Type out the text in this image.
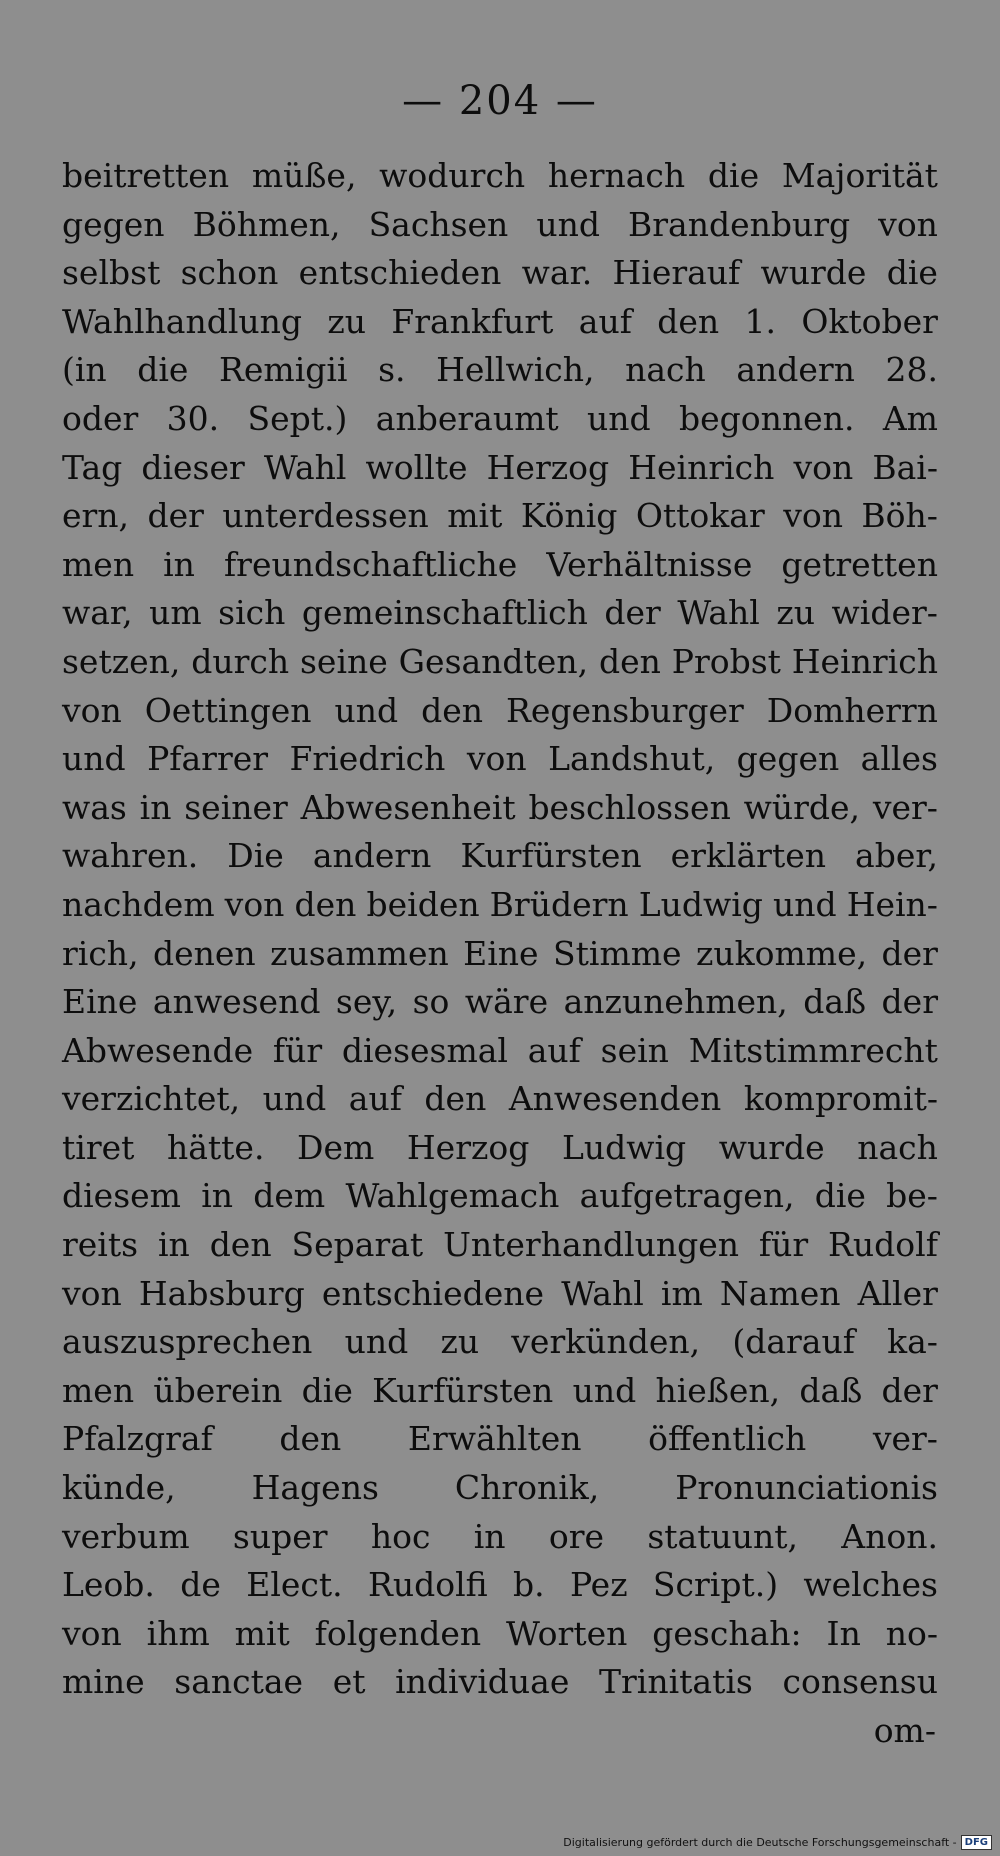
— 204 —
beitretten müße, wodurch hernach die Majorität
gegen Böhmen, Sachsen und Brandenburg von
selbst schon entschieden war. Hierauf wurde die
Wahlhandlung zu Frankfurt auf den 1. Oktober
(in die Remigii s. Hellwich, nach andern 28.
oder 30. Sept.) anberaumt und begonnen. Am
Tag dieser Wahl wollte Herzog Heinrich von Bai-
ern, der unterdessen mit König Ottokar von Böh-
men in freundschaftliche Verhältnisse getretten
war, um sich gemeinschaftlich der Wahl zu wider-
setzen, durch seine Gesandten, den Probst Heinrich
von Oettingen und den Regensburger Domherrn
und Pfarrer Friedrich von Landshut, gegen alles
was in seiner Abwesenheit beschlossen würde, ver-
wahren. Die andern Kurfürsten erklärten aber,
nachdem von den beiden Brüdern Ludwig und Hein-
rich, denen zusammen Eine Stimme zukomme, der
Eine anwesend sey, so wäre anzunehmen, daß der
Abwesende für diesesmal auf sein Mitstimmrecht
verzichtet, und auf den Anwesenden kompromit-
tiret hätte. Dem Herzog Ludwig wurde nach
diesem in dem Wahlgemach aufgetragen, die be-
reits in den Separat Unterhandlungen für Rudolf
von Habsburg entschiedene Wahl im Namen Aller
auszusprechen und zu verkünden, (darauf ka-
men überein die Kurfürsten und hießen, daß der
Pfalzgraf den Erwählten öffentlich ver-
künde, Hagens Chronik, Pronunciationis
verbum super hoc in ore statuunt, Anon.
Leob. de Elect. Rudolfi b. Pez Script.) welches
von ihm mit folgenden Worten geschah: In no-
mine sanctae et individuae Trinitatis consensu
om-
Digitalisierung gefördert durch die Deutsche Forschungsgemeinschaft - DFG
